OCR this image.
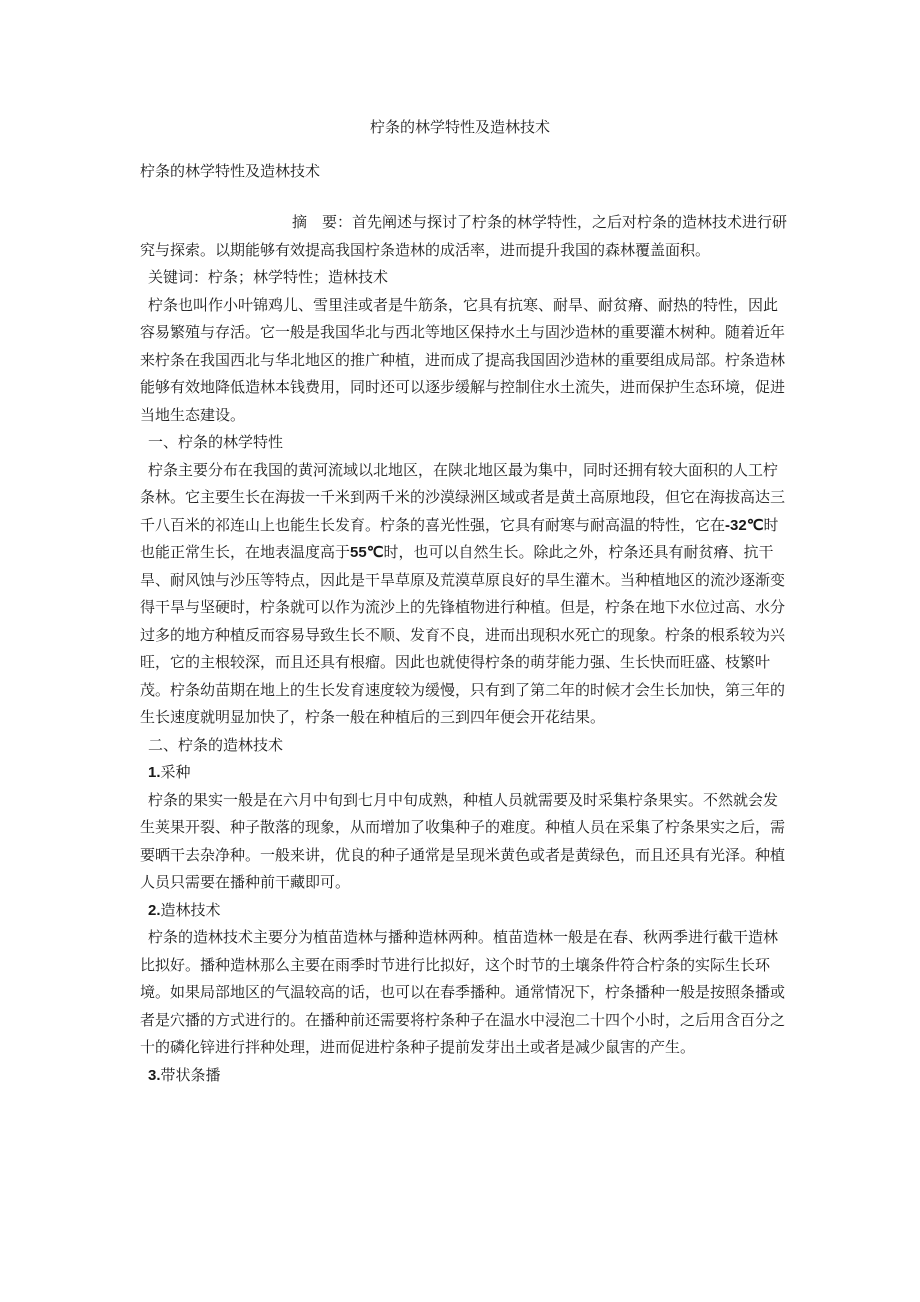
柠条的林学特性及造林技术
柠条的林学特性及造林技术

摘　要：首先阐述与探讨了柠条的林学特性，之后对柠条的造林技术进行研究与探索。以期能够有效提高我国柠条造林的成活率，进而提升我国的森林覆盖面积。

关键词：柠条；林学特性；造林技术

柠条也叫作小叶锦鸡儿、雪里洼或者是牛筋条，它具有抗寒、耐旱、耐贫瘠、耐热的特性，因此容易繁殖与存活。它一般是我国华北与西北等地区保持水土与固沙造林的重要灌木树种。随着近年来柠条在我国西北与华北地区的推广种植，进而成了提高我国固沙造林的重要组成局部。柠条造林能够有效地降低造林本钱费用，同时还可以逐步缓解与控制住水土流失，进而保护生态环境，促进当地生态建设。

一、柠条的林学特性

柠条主要分布在我国的黄河流域以北地区，在陕北地区最为集中，同时还拥有较大面积的人工柠条林。它主要生长在海拔一千米到两千米的沙漠绿洲区域或者是黄土高原地段，但它在海拔高达三千八百米的祁连山上也能生长发育。柠条的喜光性强，它具有耐寒与耐高温的特性，它在-32℃时也能正常生长，在地表温度高于55℃时，也可以自然生长。除此之外，柠条还具有耐贫瘠、抗干旱、耐风蚀与沙压等特点，因此是干旱草原及荒漠草原良好的旱生灌木。当种植地区的流沙逐渐变得干旱与坚硬时，柠条就可以作为流沙上的先锋植物进行种植。但是，柠条在地下水位过高、水分过多的地方种植反而容易导致生长不顺、发育不良，进而出现积水死亡的现象。柠条的根系较为兴旺，它的主根较深，而且还具有根瘤。因此也就使得柠条的萌芽能力强、生长快而旺盛、枝繁叶茂。柠条幼苗期在地上的生长发育速度较为缓慢，只有到了第二年的时候才会生长加快，第三年的生长速度就明显加快了，柠条一般在种植后的三到四年便会开花结果。

二、柠条的造林技术

1.采种

柠条的果实一般是在六月中旬到七月中旬成熟，种植人员就需要及时采集柠条果实。不然就会发生荚果开裂、种子散落的现象，从而增加了收集种子的难度。种植人员在采集了柠条果实之后，需要晒干去杂净种。一般来讲，优良的种子通常是呈现米黄色或者是黄绿色，而且还具有光泽。种植人员只需要在播种前干藏即可。

2.造林技术

柠条的造林技术主要分为植苗造林与播种造林两种。植苗造林一般是在春、秋两季进行截干造林比拟好。播种造林那么主要在雨季时节进行比拟好，这个时节的土壤条件符合柠条的实际生长环境。如果局部地区的气温较高的话，也可以在春季播种。通常情况下，柠条播种一般是按照条播或者是穴播的方式进行的。在播种前还需要将柠条种子在温水中浸泡二十四个小时，之后用含百分之十的磷化锌进行拌种处理，进而促进柠条种子提前发芽出土或者是减少鼠害的产生。

3.带状条播
